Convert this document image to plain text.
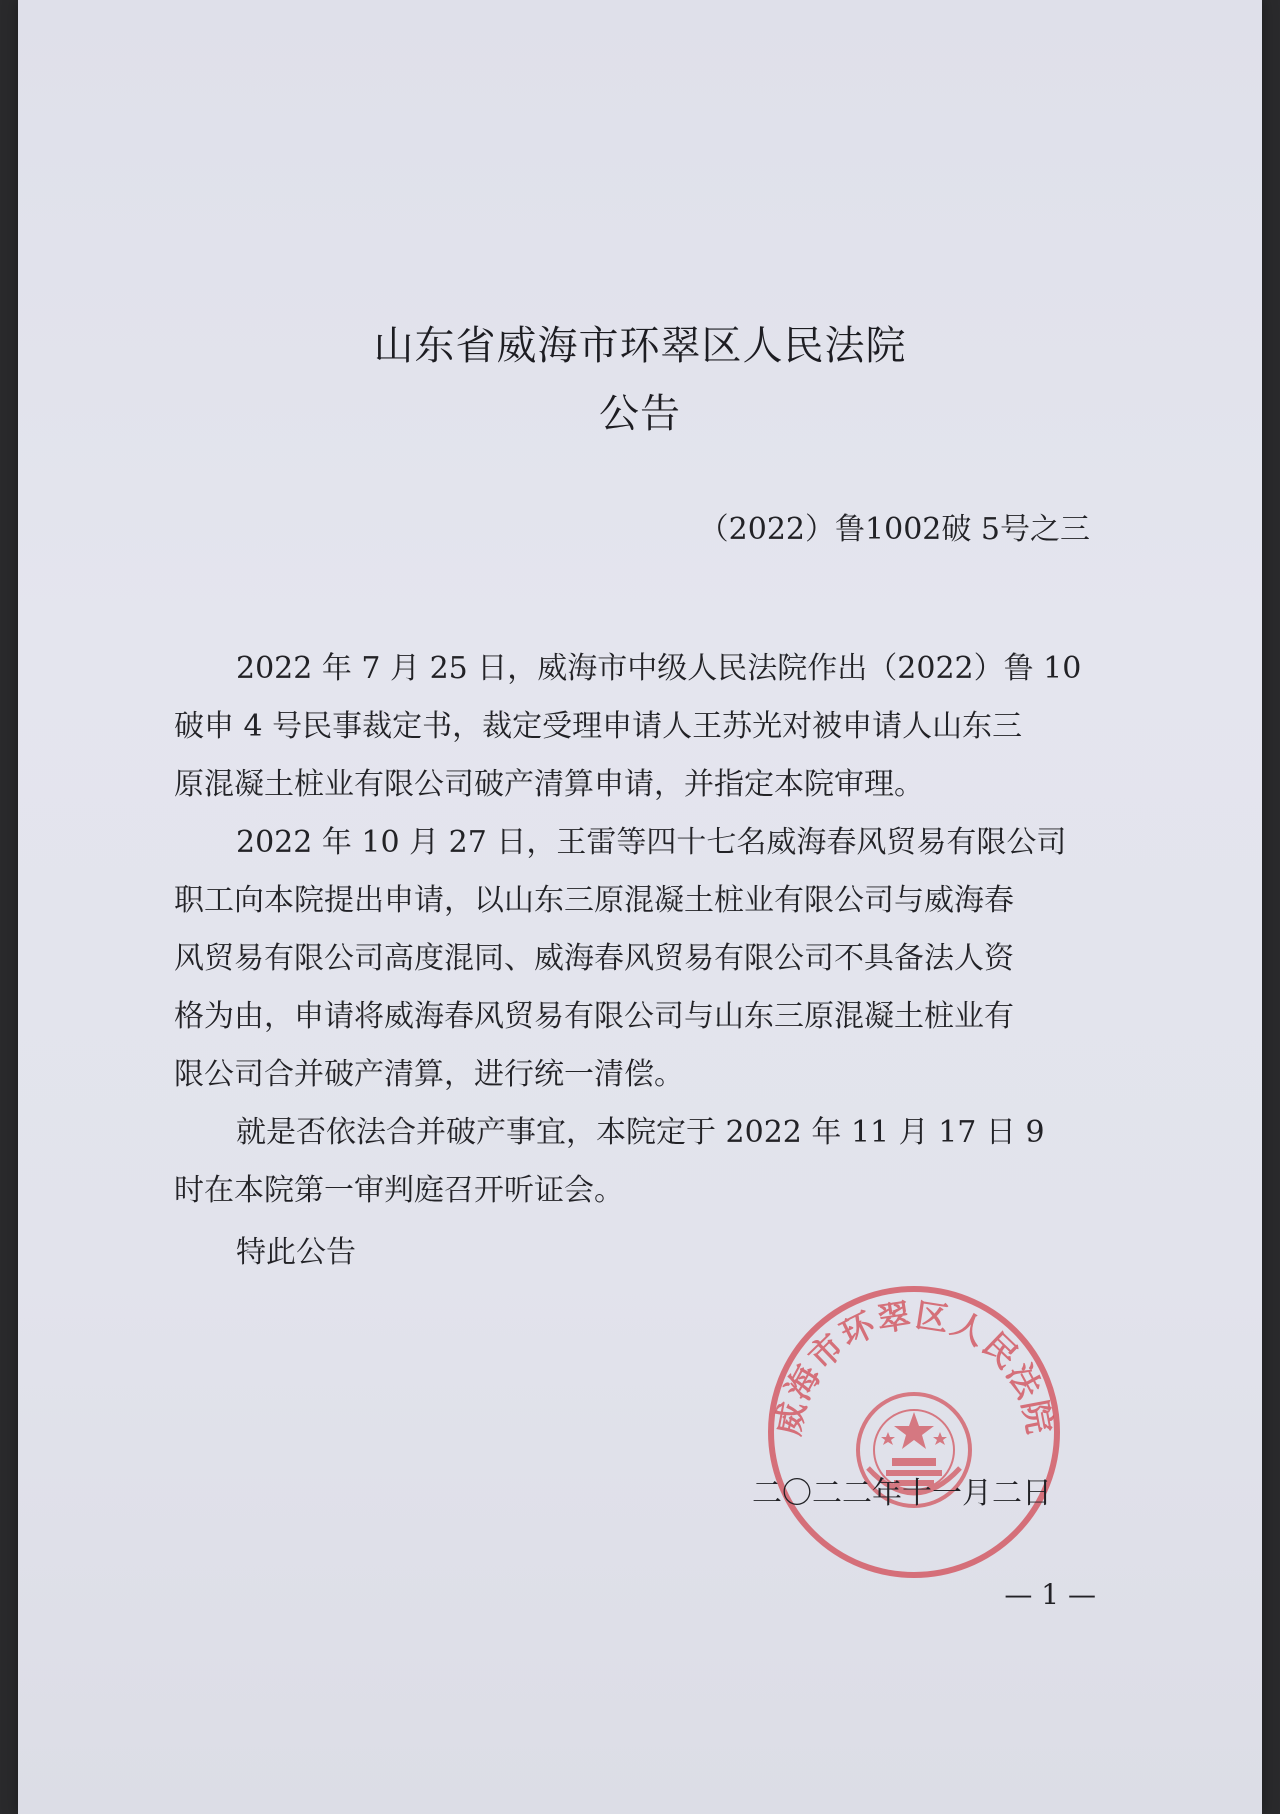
山东省威海市环翠区人民法院
公告
（2022）鲁1002破 5号之三
2022 年 7 月 25 日，威海市中级人民法院作出（2022）鲁 10
破申 4 号民事裁定书，裁定受理申请人王苏光对被申请人山东三
原混凝土桩业有限公司破产清算申请，并指定本院审理。
2022 年 10 月 27 日，王雷等四十七名威海春风贸易有限公司
职工向本院提出申请，以山东三原混凝土桩业有限公司与威海春
风贸易有限公司高度混同、威海春风贸易有限公司不具备法人资
格为由，申请将威海春风贸易有限公司与山东三原混凝土桩业有
限公司合并破产清算，进行统一清偿。
就是否依法合并破产事宜，本院定于 2022 年 11 月 17 日 9
时在本院第一审判庭召开听证会。
特此公告
威海市环翠区人民法院
二〇二二年十一月二日
— 1 —
